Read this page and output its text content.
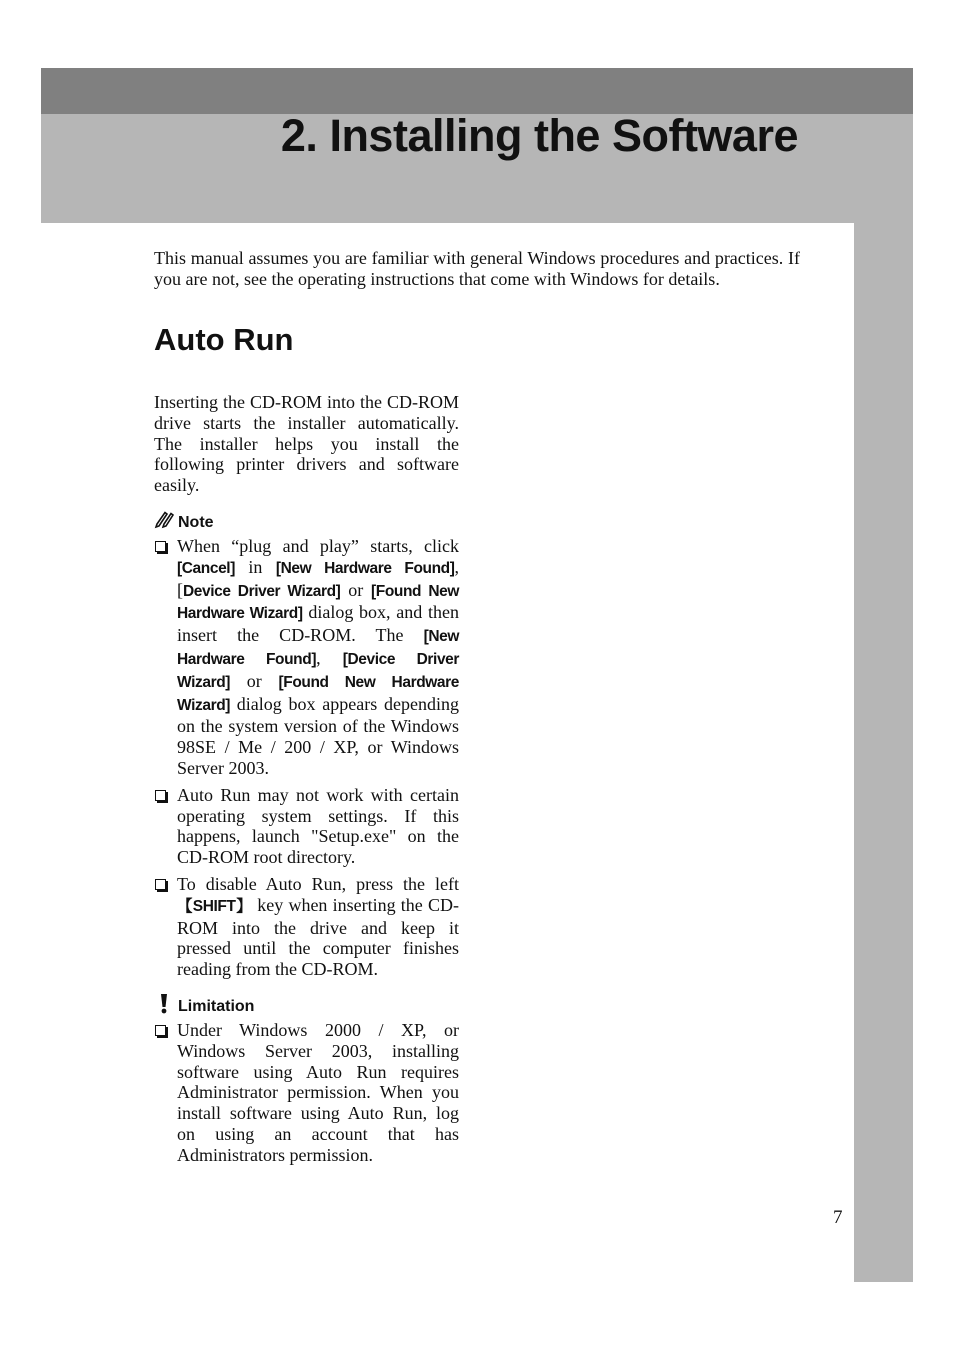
2. Installing the Software

This manual assumes you are familiar with general Windows procedures and practices. If you are not, see the operating instructions that come with Windows for details.

Auto Run

Inserting the CD-ROM into the CD-ROM drive starts the installer automatically. The installer helps you install the following printer drivers and software easily.

Note
When “plug and play” starts, click [Cancel] in [New Hardware Found], [Device Driver Wizard] or [Found New Hardware Wizard] dialog box, and then insert the CD-ROM. The [New Hardware Found], [Device Driver Wizard] or [Found New Hardware Wizard] dialog box appears depending on the system version of the Windows 98SE / Me / 200 / XP, or Windows Server 2003.
Auto Run may not work with certain operating system settings. If this happens, launch "Setup.exe" on the CD-ROM root directory.
To disable Auto Run, press the left 【SHIFT】 key when inserting the CD-ROM into the drive and keep it pressed until the computer finishes reading from the CD-ROM.
Limitation
Under Windows 2000 / XP, or Windows Server 2003, installing software using Auto Run requires Administrator permission. When you install software using Auto Run, log on using an account that has Administrators permission.
7
